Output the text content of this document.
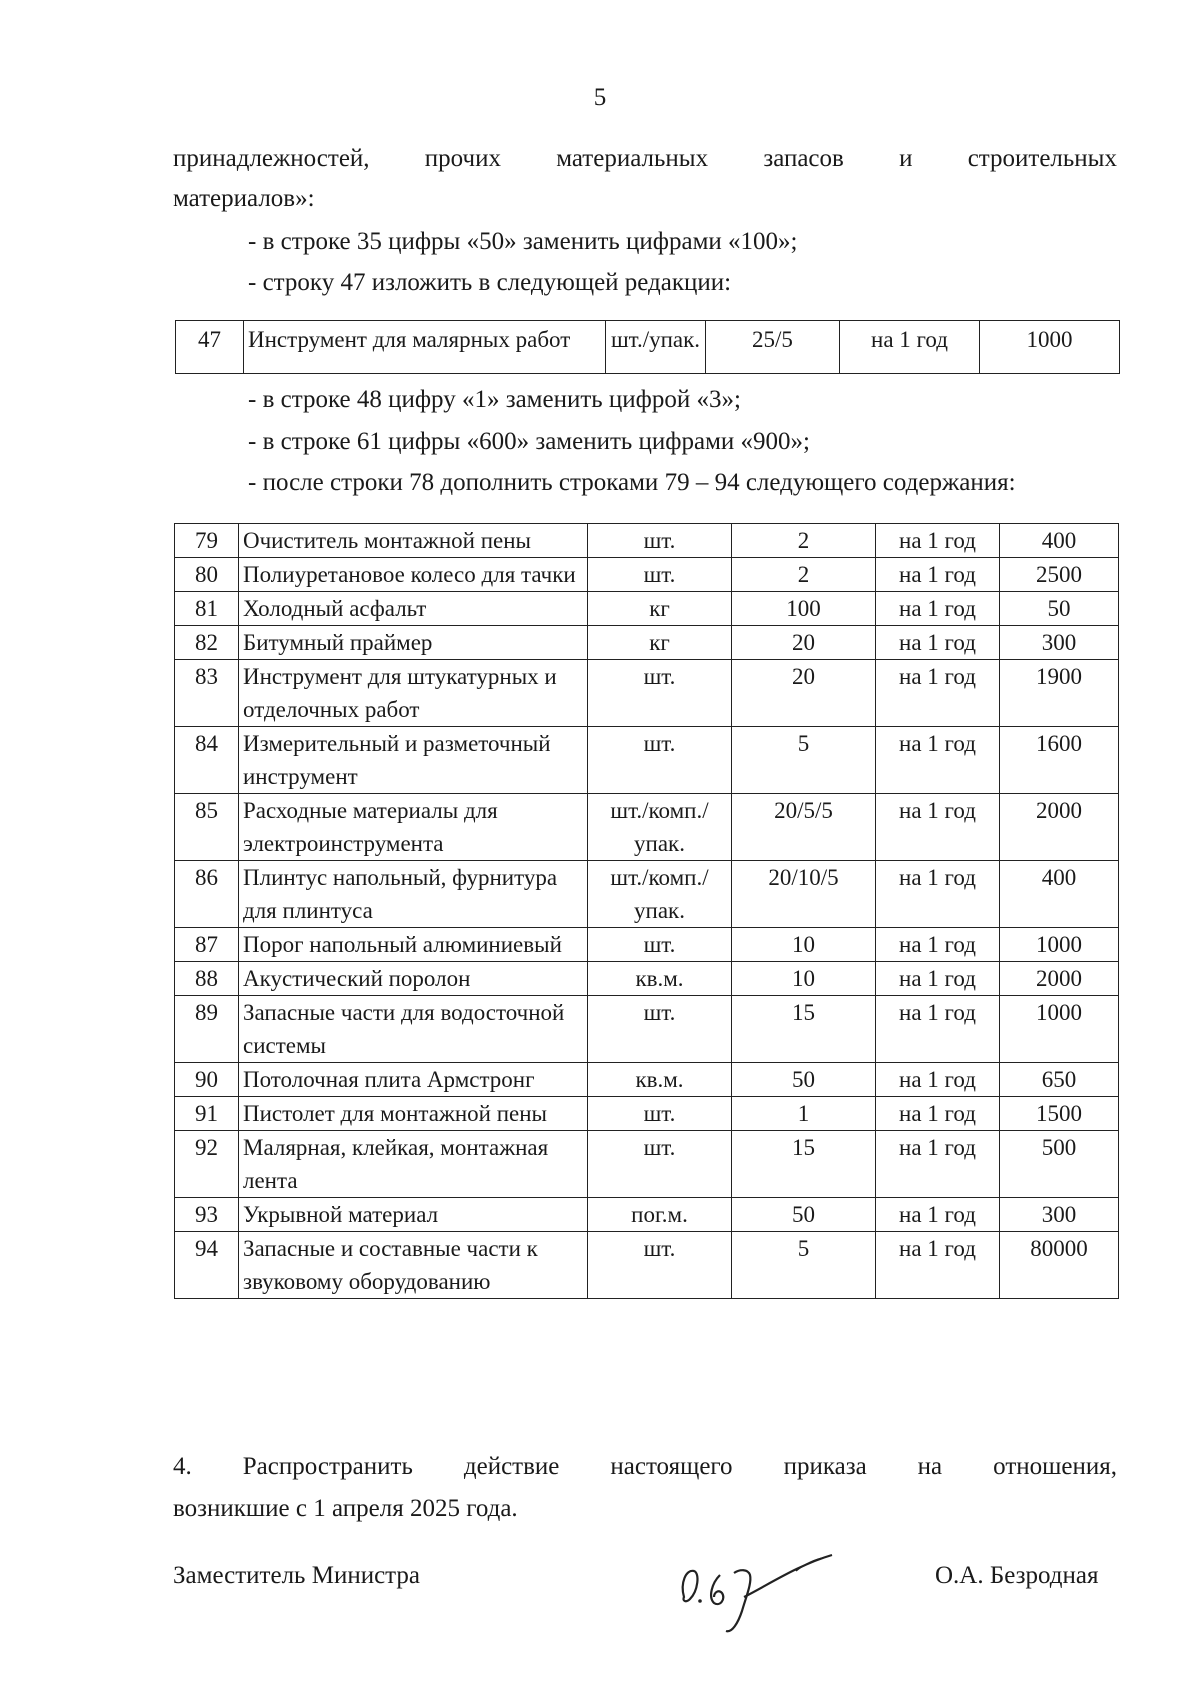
5
принадлежностей, прочих материальных запасов и строительных
материалов»:
- в строке 35 цифры «50» заменить цифрами «100»;
- строку 47 изложить в следующей редакции:
47	Инструмент для малярных работ	шт./упак.	25/5	на 1 год	1000
- в строке 48 цифру «1» заменить цифрой «3»;
- в строке 61 цифры «600» заменить цифрами «900»;
- после строки 78 дополнить строками 79 – 94 следующего содержания:
79	Очиститель монтажной пены	шт.	2	на 1 год	400
80	Полиуретановое колесо для тачки	шт.	2	на 1 год	2500
81	Холодный асфальт	кг	100	на 1 год	50
82	Битумный праймер	кг	20	на 1 год	300
83	Инструмент для штукатурных и отделочных работ	шт.	20	на 1 год	1900
84	Измерительный и разметочный инструмент	шт.	5	на 1 год	1600
85	Расходные материалы для электроинструмента	шт./комп./упак.	20/5/5	на 1 год	2000
86	Плинтус напольный, фурнитура для плинтуса	шт./комп./упак.	20/10/5	на 1 год	400
87	Порог напольный алюминиевый	шт.	10	на 1 год	1000
88	Акустический поролон	кв.м.	10	на 1 год	2000
89	Запасные части для водосточной системы	шт.	15	на 1 год	1000
90	Потолочная плита Армстронг	кв.м.	50	на 1 год	650
91	Пистолет для монтажной пены	шт.	1	на 1 год	1500
92	Малярная, клейкая, монтажная лента	шт.	15	на 1 год	500
93	Укрывной материал	пог.м.	50	на 1 год	300
94	Запасные и составные части к звуковому оборудованию	шт.	5	на 1 год	80000
4. Распространить действие настоящего приказа на отношения,
возникшие с 1 апреля 2025 года.
Заместитель Министра	О.А. Безродная
